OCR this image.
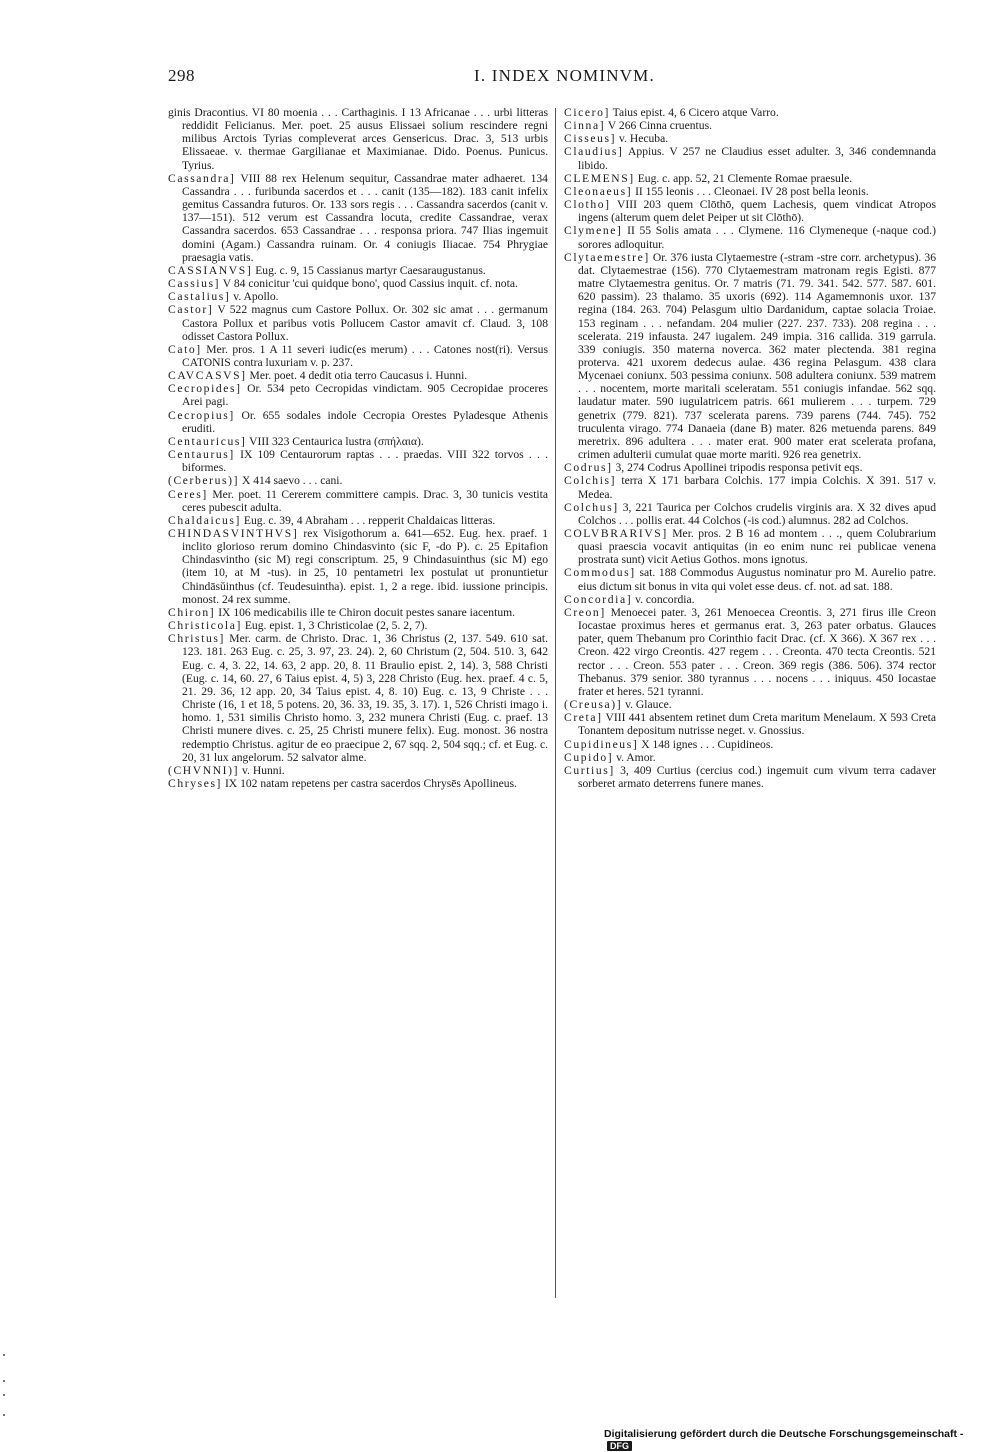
298	I. INDEX NOMINVM.

ginis Dracontius. VI 80 moenia . . . Carthaginis. I 13 Africanae . . . urbi litteras reddidit Felicianus. Mer. poet. 25 ausus Elissaei solium rescindere regni milibus Arctois Tyrias compleverat arces Gensericus. Drac. 3, 513 urbis Elissaeae. v. thermae Gargilianae et Maximianae. Dido. Poenus. Punicus. Tyrius.

Cassandra] VIII 88 rex Helenum sequitur, Cassandrae mater adhaeret. 134 Cassandra . . . furibunda sacerdos et . . . canit (135—182). 183 canit infelix gemitus Cassandra futuros. Or. 133 sors regis . . . Cassandra sacerdos (canit v. 137—151). 512 verum est Cassandra locuta, credite Cassandrae, verax Cassandra sacerdos. 653 Cassandrae . . . responsa priora. 747 Ilias ingemuit domini (Agam.) Cassandra ruinam. Or. 4 coniugis Iliacae. 754 Phrygiae praesagia vatis.

CASSIANVS] Eug. c. 9, 15 Cassianus martyr Caesaraugustanus.

Cassius] V 84 conicitur 'cui quidque bono', quod Cassius inquit. cf. nota.

Castalius] v. Apollo.

Castor] V 522 magnus cum Castore Pollux. Or. 302 sic amat . . . germanum Castora Pollux et paribus votis Pollucem Castor amavit cf. Claud. 3, 108 odisset Castora Pollux.

Cato] Mer. pros. 1 A 11 severi iudic(es merum) . . . Catones nost(ri). Versus CATONIS contra luxuriam v. p. 237.

CAVCASVS] Mer. poet. 4 dedit otia terro Caucasus i. Hunni.

Cecropides] Or. 534 peto Cecropidas vindictam. 905 Cecropidae proceres Arei pagi.

Cecropius] Or. 655 sodales indole Cecropia Orestes Pyladesque Athenis eruditi.

Centauricus] VIII 323 Centaurica lustra (σπήλαια).

Centaurus] IX 109 Centaurorum raptas . . . praedas. VIII 322 torvos . . . biformes.

(Cerberus)] X 414 saevo . . . cani.

Ceres] Mer. poet. 11 Cererem committere campis. Drac. 3, 30 tunicis vestita ceres pubescit adulta.

Chaldaicus] Eug. c. 39, 4 Abraham . . . repperit Chaldaicas litteras.

CHINDASVINTHVS] rex Visigothorum a. 641—652. Eug. hex. praef. 1 inclito glorioso rerum domino Chindasvinto (sic F, -do P). c. 25 Epitafion Chindasvintho (sic M) regi conscriptum. 25, 9 Chindasuinthus (sic M) ego (item 10, at M -tus). in 25, 10 pentametri lex postulat ut pronuntietur Chindāsŭinthus (cf. Teudesuintha). epist. 1, 2 a rege. ibid. iussione principis. monost. 24 rex summe.

Chiron] IX 106 medicabilis ille te Chiron docuit pestes sanare iacentum.

Christicola] Eug. epist. 1, 3 Christicolae (2, 5. 2, 7).

Christus] Mer. carm. de Christo. Drac. 1, 36 Christus (2, 137. 549. 610 sat. 123. 181. 263 Eug. c. 25, 3. 97, 23. 24). 2, 60 Christum (2, 504. 510. 3, 642 Eug. c. 4, 3. 22, 14. 63, 2 app. 20, 8. 11 Braulio epist. 2, 14). 3, 588 Christi (Eug. c. 14, 60. 27, 6 Taius epist. 4, 5) 3, 228 Christo (Eug. hex. praef. 4 c. 5, 21. 29. 36, 12 app. 20, 34 Taius epist. 4, 8. 10) Eug. c. 13, 9 Christe . . . Christe (16, 1 et 18, 5 potens. 20, 36. 33, 19. 35, 3. 17). 1, 526 Christi imago i. homo. 1, 531 similis Christo homo. 3, 232 munera Christi (Eug. c. praef. 13 Christi munere dives. c. 25, 25 Christi munere felix). Eug. monost. 36 nostra redemptio Christus. agitur de eo praecipue 2, 67 sqq. 2, 504 sqq.; cf. et Eug. c. 20, 31 lux angelorum. 52 salvator alme.

(CHVNNI)] v. Hunni.

Chryses] IX 102 natam repetens per castra sacerdos Chrysēs Apollineus.

Cicero] Taius epist. 4, 6 Cicero atque Varro.

Cinna] V 266 Cinna cruentus.

Cisseus] v. Hecuba.

Claudius] Appius. V 257 ne Claudius esset adulter. 3, 346 condemnanda libido.

CLEMENS] Eug. c. app. 52, 21 Clemente Romae praesule.

Cleonaeus] II 155 leonis . . . Cleonaei. IV 28 post bella leonis.

Clotho] VIII 203 quem Clōthō, quem Lachesis, quem vindicat Atropos ingens (alterum quem delet Peiper ut sit Clōthō).

Clymene] II 55 Solis amata . . . Clymene. 116 Clymeneque (-naque cod.) sorores adloquitur.

Clytaemestre] Or. 376 iusta Clytaemestre (-stram -stre corr. archetypus). 36 dat. Clytaemestrae (156). 770 Clytaemestram matronam regis Egisti. 877 matre Clytaemestra genitus. Or. 7 matris (71. 79. 341. 542. 577. 587. 601. 620 passim). 23 thalamo. 35 uxoris (692). 114 Agamemnonis uxor. 137 regina (184. 263. 704) Pelasgum ultio Dardanidum, captae solacia Troiae. 153 reginam . . . nefandam. 204 mulier (227. 237. 733). 208 regina . . . scelerata. 219 infausta. 247 iugalem. 249 impia. 316 callida. 319 garrula. 339 coniugis. 350 materna noverca. 362 mater plectenda. 381 regina proterva. 421 uxorem dedecus aulae. 436 regina Pelasgum. 438 clara Mycenaei coniunx. 503 pessima coniunx. 508 adultera coniunx. 539 matrem . . . nocentem, morte maritali sceleratam. 551 coniugis infandae. 562 sqq. laudatur mater. 590 iugulatricem patris. 661 mulierem . . . turpem. 729 genetrix (779. 821). 737 scelerata parens. 739 parens (744. 745). 752 truculenta virago. 774 Danaeia (dane B) mater. 826 metuenda parens. 849 meretrix. 896 adultera . . . mater erat. 900 mater erat scelerata profana, crimen adulterii cumulat quae morte mariti. 926 rea genetrix.

Codrus] 3, 274 Codrus Apollinei tripodis responsa petivit eqs.

Colchis] terra X 171 barbara Colchis. 177 impia Colchis. X 391. 517 v. Medea.

Colchus] 3, 221 Taurica per Colchos crudelis virginis ara. X 32 dives apud Colchos . . . pollis erat. 44 Colchos (-is cod.) alumnus. 282 ad Colchos.

COLVBRARIVS] Mer. pros. 2 B 16 ad montem . . ., quem Colubrarium quasi praescia vocavit antiquitas (in eo enim nunc rei publicae venena prostrata sunt) vicit Aetius Gothos. mons ignotus.

Commodus] sat. 188 Commodus Augustus nominatur pro M. Aurelio patre. eius dictum sit bonus in vita qui volet esse deus. cf. not. ad sat. 188.

Concordia] v. concordia.

Creon] Menoecei pater. 3, 261 Menoecea Creontis. 3, 271 firus ille Creon Iocastae proximus heres et germanus erat. 3, 263 pater orbatus. Glauces pater, quem Thebanum pro Corinthio facit Drac. (cf. X 366). X 367 rex . . . Creon. 422 virgo Creontis. 427 regem . . . Creonta. 470 tecta Creontis. 521 rector . . . Creon. 553 pater . . . Creon. 369 regis (386. 506). 374 rector Thebanus. 379 senior. 380 tyrannus . . . nocens . . . iniquus. 450 Iocastae frater et heres. 521 tyranni.

(Creusa)] v. Glauce.

Creta] VIII 441 absentem retinet dum Creta maritum Menelaum. X 593 Creta Tonantem depositum nutrisse neget. v. Gnossius.

Cupidineus] X 148 ignes . . . Cupidineos.

Cupido] v. Amor.

Curtius] 3, 409 Curtius (cercius cod.) ingemuit cum vivum terra cadaver sorberet armato deterrens funere manes.

Digitalisierung gefördert durch die Deutsche Forschungsgemeinschaft - DFG
